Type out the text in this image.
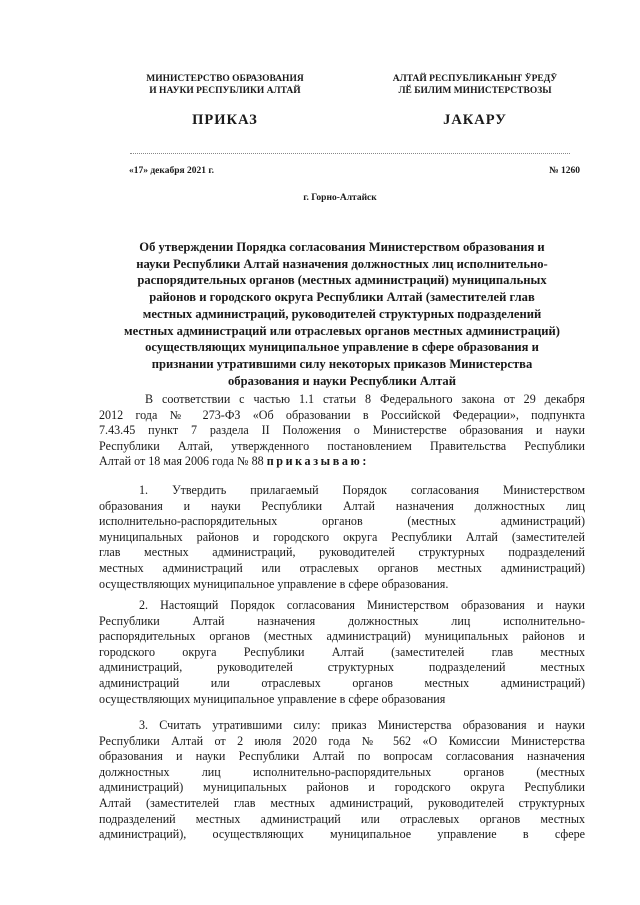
МИНИСТЕРСТВО ОБРАЗОВАНИЯ
И НАУКИ РЕСПУБЛИКИ АЛТАЙ
АЛТАЙ РЕСПУБЛИКАНЫҤ ӰРЕДӰ
ЛӖ БИЛИМ МИНИСТЕРСТВОЗЫ
ПРИКАЗ	JАКАРУ
«17» декабря 2021 г.	№ 1260
г. Горно-Алтайск
Об утверждении Порядка согласования Министерством образования и
науки Республики Алтай назначения должностных лиц исполнительно-
распорядительных органов (местных администраций) муниципальных
районов и городского округа Республики Алтай (заместителей глав
местных администраций, руководителей структурных подразделений
местных администраций или отраслевых органов местных администраций)
осуществляющих муниципальное управление в сфере образования и
признании утратившими силу некоторых приказов Министерства
образования и науки Республики Алтай
В соответствии с частью 1.1 статьи 8 Федерального закона от 29 декабря
2012 года № 273-ФЗ «Об образовании в Российской Федерации», подпункта
7.43.45 пункт 7 раздела II Положения о Министерстве образования и науки
Республики Алтай, утвержденного постановлением Правительства Республики
Алтай от 18 мая 2006 года № 88 приказываю:
1. Утвердить прилагаемый Порядок согласования Министерством
образования и науки Республики Алтай назначения должностных лиц
исполнительно-распорядительных органов (местных администраций)
муниципальных районов и городского округа Республики Алтай (заместителей
глав местных администраций, руководителей структурных подразделений
местных администраций или отраслевых органов местных администраций)
осуществляющих муниципальное управление в сфере образования.
2. Настоящий Порядок согласования Министерством образования и науки
Республики Алтай назначения должностных лиц исполнительно-
распорядительных органов (местных администраций) муниципальных районов и
городского округа Республики Алтай (заместителей глав местных
администраций, руководителей структурных подразделений местных
администраций или отраслевых органов местных администраций)
осуществляющих муниципальное управление в сфере образования
3. Считать утратившими силу: приказ Министерства образования и науки
Республики Алтай от 2 июля 2020 года № 562 «О Комиссии Министерства
образования и науки Республики Алтай по вопросам согласования назначения
должностных лиц исполнительно-распорядительных органов (местных
администраций) муниципальных районов и городского округа Республики
Алтай (заместителей глав местных администраций, руководителей структурных
подразделений местных администраций или отраслевых органов местных
администраций), осуществляющих муниципальное управление в сфере
